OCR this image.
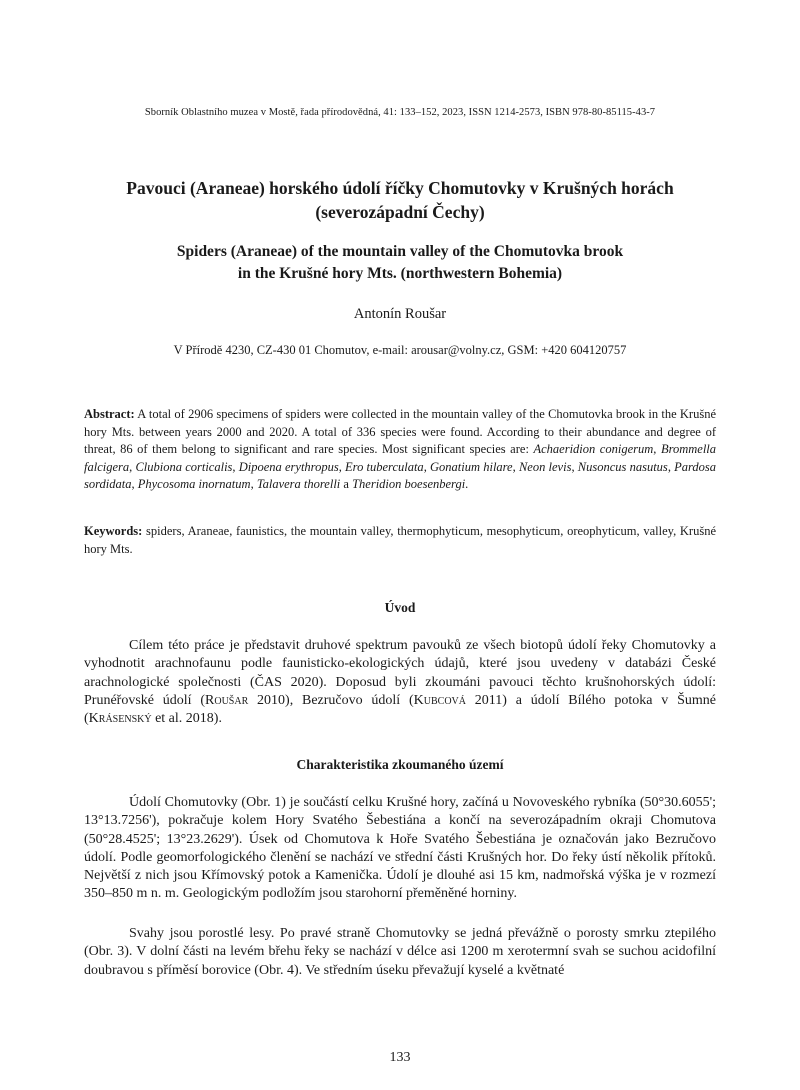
Sborník Oblastního muzea v Mostě, řada přírodovědná, 41: 133–152, 2023, ISSN 1214-2573, ISBN 978-80-85115-43-7
Pavouci (Araneae) horského údolí říčky Chomutovky v Krušných horách
(severozápadní Čechy)
Spiders (Araneae) of the mountain valley of the Chomutovka brook
in the Krušné hory Mts. (northwestern Bohemia)
Antonín Roušar
V Přírodě 4230, CZ-430 01 Chomutov, e-mail: arousar@volny.cz, GSM: +420 604120757
Abstract: A total of 2906 specimens of spiders were collected in the mountain valley of the Chomutovka brook in the Krušné hory Mts. between years 2000 and 2020. A total of 336 species were found. According to their abundance and degree of threat, 86 of them belong to significant and rare species. Most significant species are: Achaeridion conigerum, Brommella falcigera, Clubiona corticalis, Dipoena erythropus, Ero tuberculata, Gonatium hilare, Neon levis, Nusoncus nasutus, Pardosa sordidata, Phycosoma inornatum, Talavera thorelli a Theridion boesenbergi.
Keywords: spiders, Araneae, faunistics, the mountain valley, thermophyticum, mesophyticum, oreophyticum, valley, Krušné hory Mts.
Úvod

Cílem této práce je představit druhové spektrum pavouků ze všech biotopů údolí řeky Chomutovky a vyhodnotit arachnofaunu podle faunisticko-ekologických údajů, které jsou uvedeny v databázi České arachnologické společnosti (ČAS 2020). Doposud byli zkoumáni pavouci těchto krušnohorských údolí: Prunéřovské údolí (Roušar 2010), Bezručovo údolí (Kubcová 2011) a údolí Bílého potoka v Šumné (Krásenský et al. 2018).

Charakteristika zkoumaného území

Údolí Chomutovky (Obr. 1) je součástí celku Krušné hory, začíná u Novoveského rybníka (50°30.6055'; 13°13.7256'), pokračuje kolem Hory Svatého Šebestiána a končí na severozápadním okraji Chomutova (50°28.4525'; 13°23.2629'). Úsek od Chomutova k Hoře Svatého Šebestiána je označován jako Bezručovo údolí. Podle geomorfologického členění se nachází ve střední části Krušných hor. Do řeky ústí několik přítoků. Největší z nich jsou Křímovský potok a Kamenička. Údolí je dlouhé asi 15 km, nadmořská výška je v rozmezí 350–850 m n. m. Geologickým podložím jsou starohorní přeměněné horniny.

Svahy jsou porostlé lesy. Po pravé straně Chomutovky se jedná převážně o porosty smrku ztepilého (Obr. 3). V dolní části na levém břehu řeky se nachází v délce asi 1200 m xerotermní svah se suchou acidofilní doubravou s příměsí borovice (Obr. 4). Ve středním úseku převažují kyselé a květnaté

133
